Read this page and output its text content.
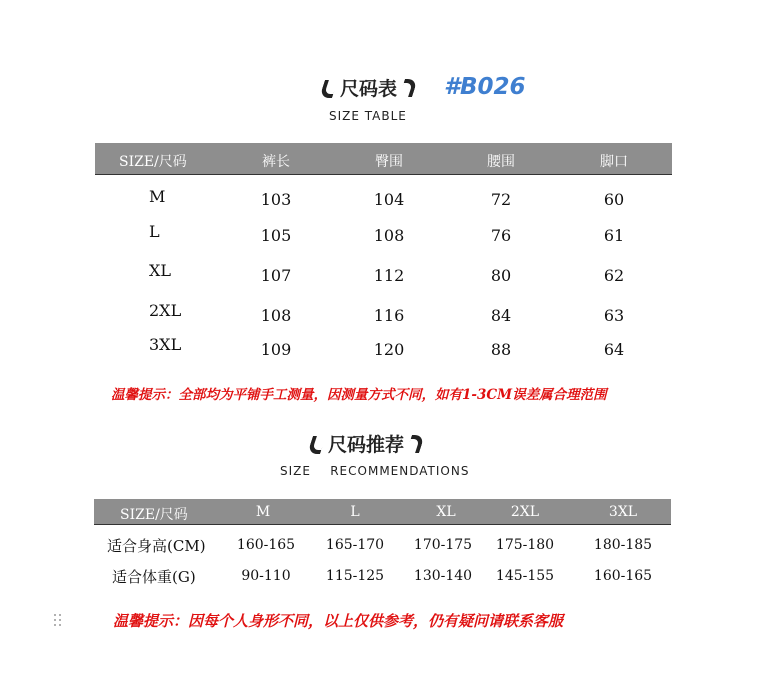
尺码表	#B026
SIZE TABLE
SIZE/尺码	裤长	臀围	腰围	脚口
M	103	104	72	60
L	105	108	76	61
XL	107	112	80	62
2XL	108	116	84	63
3XL	109	120	88	64
温馨提示：全部均为平铺手工测量，因测量方式不同，如有1-3CM误差属合理范围
尺码推荐
SIZE    RECOMMENDATIONS
SIZE/尺码	M	L	XL	2XL	3XL
适合身高(CM) 160-165 165-170 170-175 175-180	180-185
适合体重(G)	90-110	115-125 130-140 145-155	160-165
温馨提示：因每个人身形不同，以上仅供参考，仍有疑问请联系客服
